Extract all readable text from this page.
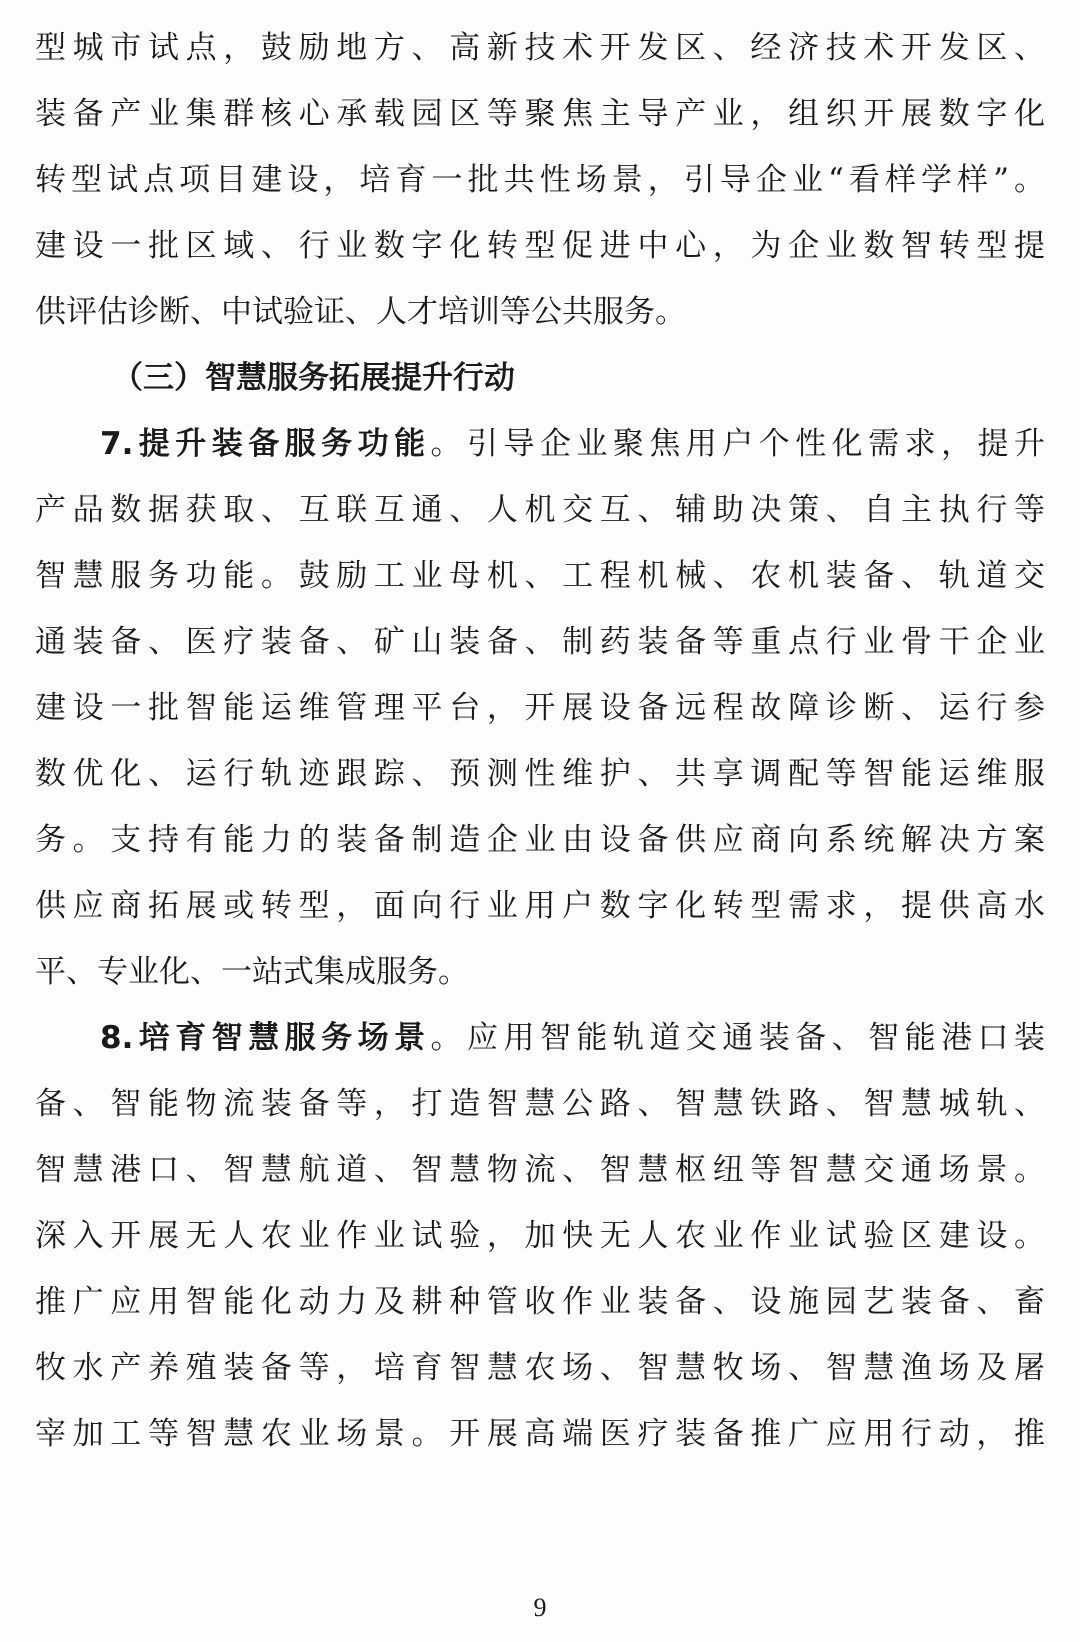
型城市试点，鼓励地方、高新技术开发区、经济技术开发区、
装备产业集群核心承载园区等聚焦主导产业，组织开展数字化
转型试点项目建设，培育一批共性场景，引导企业“看样学样”。
建设一批区域、行业数字化转型促进中心，为企业数智转型提
供评估诊断、中试验证、人才培训等公共服务。
（三）智慧服务拓展提升行动
7.提升装备服务功能。引导企业聚焦用户个性化需求，提升
产品数据获取、互联互通、人机交互、辅助决策、自主执行等
智慧服务功能。鼓励工业母机、工程机械、农机装备、轨道交
通装备、医疗装备、矿山装备、制药装备等重点行业骨干企业
建设一批智能运维管理平台，开展设备远程故障诊断、运行参
数优化、运行轨迹跟踪、预测性维护、共享调配等智能运维服
务。支持有能力的装备制造企业由设备供应商向系统解决方案
供应商拓展或转型，面向行业用户数字化转型需求，提供高水
平、专业化、一站式集成服务。
8.培育智慧服务场景。应用智能轨道交通装备、智能港口装
备、智能物流装备等，打造智慧公路、智慧铁路、智慧城轨、
智慧港口、智慧航道、智慧物流、智慧枢纽等智慧交通场景。
深入开展无人农业作业试验，加快无人农业作业试验区建设。
推广应用智能化动力及耕种管收作业装备、设施园艺装备、畜
牧水产养殖装备等，培育智慧农场、智慧牧场、智慧渔场及屠
宰加工等智慧农业场景。开展高端医疗装备推广应用行动，推
9
